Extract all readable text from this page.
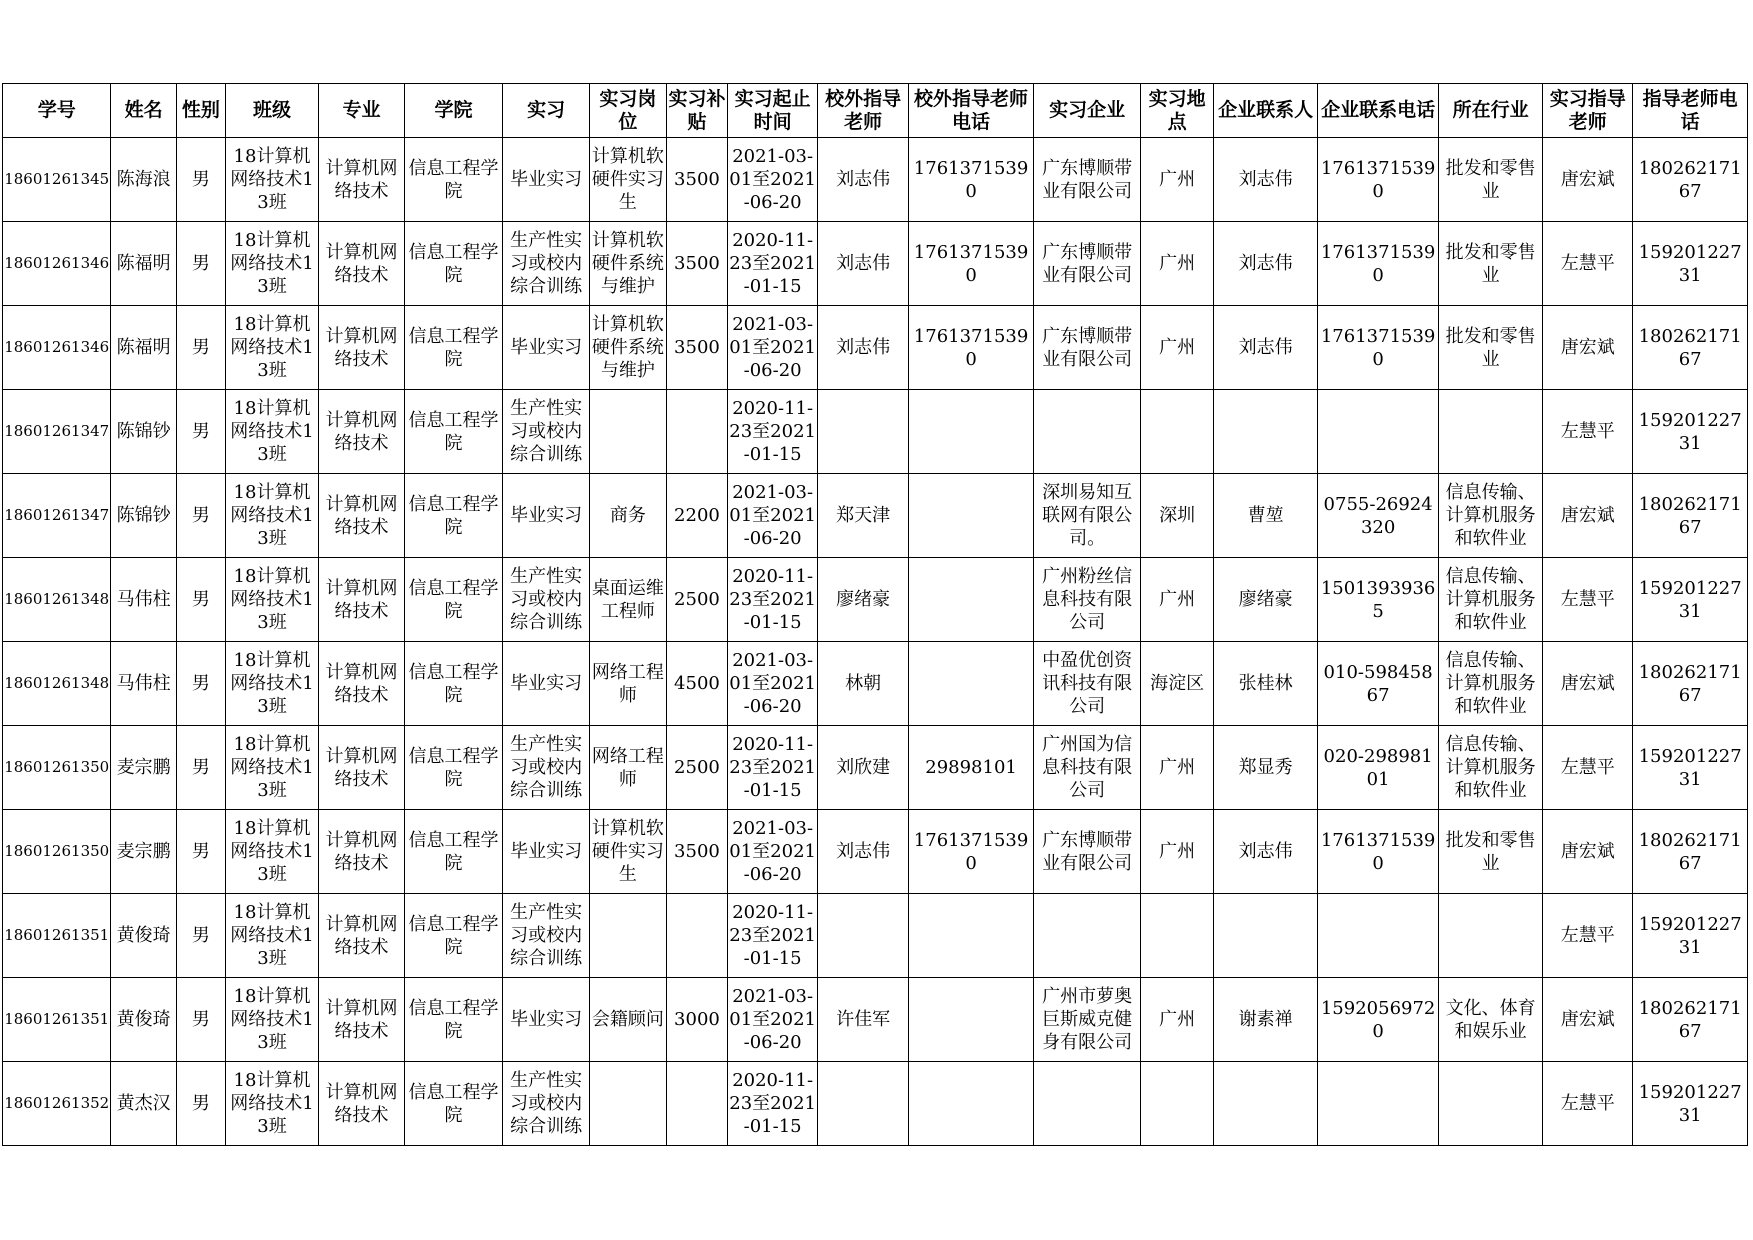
学号	姓名	性别	班级	专业	学院	实习	实习岗位	实习补贴	实习起止时间	校外指导老师	校外指导老师电话	实习企业	实习地点	企业联系人	企业联系电话	所在行业	实习指导老师	指导老师电话

18601261345	陈海浪	男	18计算机网络技术13班	计算机网络技术	信息工程学院	毕业实习	计算机软硬件实习生	3500	2021-03-01至2021-06-20	刘志伟	17613715390	广东博顺带业有限公司	广州	刘志伟	17613715390	批发和零售业	唐宏斌	18026217167

18601261346	陈福明	男	18计算机网络技术13班	计算机网络技术	信息工程学院	生产性实习或校内综合训练	计算机软硬件系统与维护	3500	2020-11-23至2021-01-15	刘志伟	17613715390	广东博顺带业有限公司	广州	刘志伟	17613715390	批发和零售业	左慧平	15920122731

18601261346	陈福明	男	18计算机网络技术13班	计算机网络技术	信息工程学院	毕业实习	计算机软硬件系统与维护	3500	2021-03-01至2021-06-20	刘志伟	17613715390	广东博顺带业有限公司	广州	刘志伟	17613715390	批发和零售业	唐宏斌	18026217167

18601261347	陈锦钞	男	18计算机网络技术13班	计算机网络技术	信息工程学院	生产性实习或校内综合训练			2020-11-23至2021-01-15								左慧平	15920122731

18601261347	陈锦钞	男	18计算机网络技术13班	计算机网络技术	信息工程学院	毕业实习	商务	2200	2021-03-01至2021-06-20	郑天津		深圳易知互联网有限公司。	深圳	曹堃	0755-26924320	信息传输、计算机服务和软件业	唐宏斌	18026217167

18601261348	马伟柱	男	18计算机网络技术13班	计算机网络技术	信息工程学院	生产性实习或校内综合训练	桌面运维工程师	2500	2020-11-23至2021-01-15	廖绪豪		广州粉丝信息科技有限公司	广州	廖绪豪	15013939365	信息传输、计算机服务和软件业	左慧平	15920122731

18601261348	马伟柱	男	18计算机网络技术13班	计算机网络技术	信息工程学院	毕业实习	网络工程师	4500	2021-03-01至2021-06-20	林朝		中盈优创资讯科技有限公司	海淀区	张桂林	010-59845867	信息传输、计算机服务和软件业	唐宏斌	18026217167

18601261350	麦宗鹏	男	18计算机网络技术13班	计算机网络技术	信息工程学院	生产性实习或校内综合训练	网络工程师	2500	2020-11-23至2021-01-15	刘欣建	29898101	广州国为信息科技有限公司	广州	郑显秀	020-29898101	信息传输、计算机服务和软件业	左慧平	15920122731

18601261350	麦宗鹏	男	18计算机网络技术13班	计算机网络技术	信息工程学院	毕业实习	计算机软硬件实习生	3500	2021-03-01至2021-06-20	刘志伟	17613715390	广东博顺带业有限公司	广州	刘志伟	17613715390	批发和零售业	唐宏斌	18026217167

18601261351	黄俊琦	男	18计算机网络技术13班	计算机网络技术	信息工程学院	生产性实习或校内综合训练			2020-11-23至2021-01-15								左慧平	15920122731

18601261351	黄俊琦	男	18计算机网络技术13班	计算机网络技术	信息工程学院	毕业实习	会籍顾问	3000	2021-03-01至2021-06-20	许佳军		广州市萝奥巨斯威克健身有限公司	广州	谢素禅	15920569720	文化、体育和娱乐业	唐宏斌	18026217167

18601261352	黄杰汉	男	18计算机网络技术13班	计算机网络技术	信息工程学院	生产性实习或校内综合训练			2020-11-23至2021-01-15								左慧平	15920122731
